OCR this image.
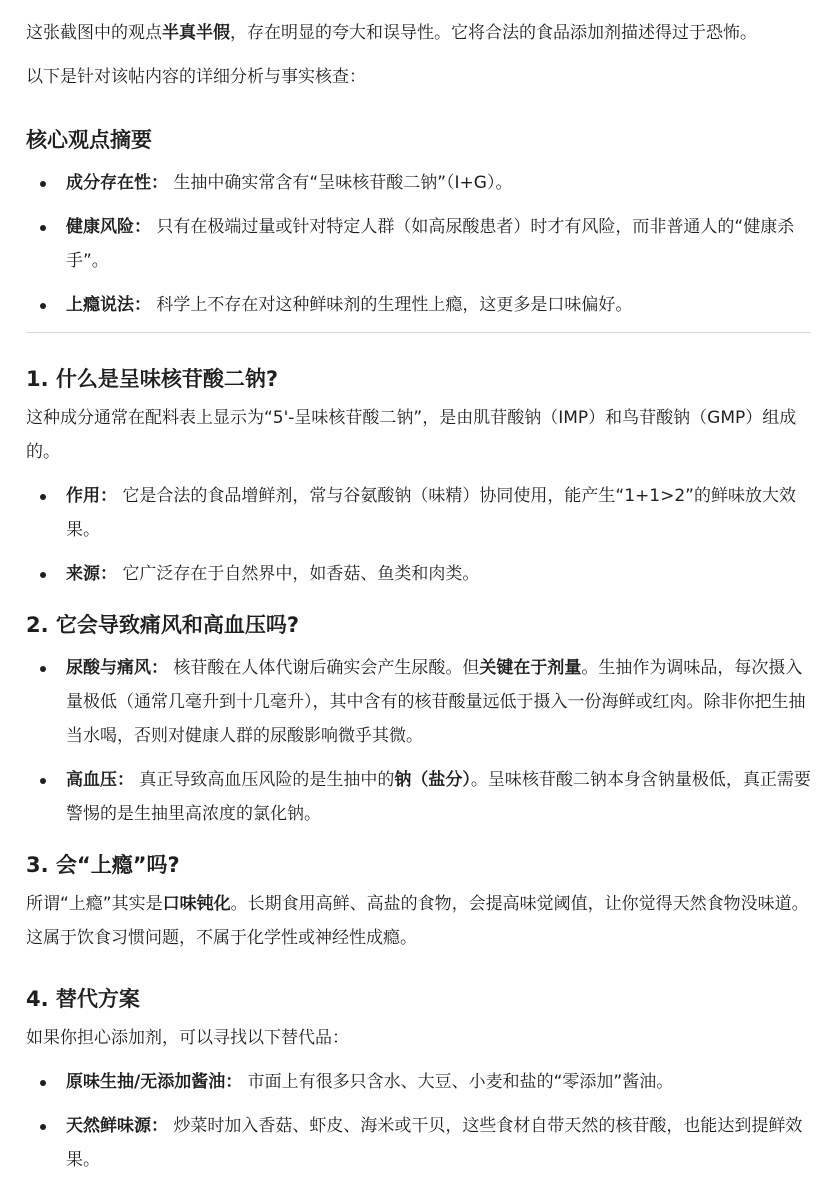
这张截图中的观点半真半假，存在明显的夸大和误导性。它将合法的食品添加剂描述得过于恐怖。

以下是针对该帖内容的详细分析与事实核查：

核心观点摘要
成分存在性： 生抽中确实常含有“呈味核苷酸二钠”（I+G）。
健康风险： 只有在极端过量或针对特定人群（如高尿酸患者）时才有风险，而非普通人的“健康杀手”。
上瘾说法： 科学上不存在对这种鲜味剂的生理性上瘾，这更多是口味偏好。
1. 什么是呈味核苷酸二钠?

这种成分通常在配料表上显示为“5'-呈味核苷酸二钠”，是由肌苷酸钠（IMP）和鸟苷酸钠（GMP）组成的。

作用： 它是合法的食品增鲜剂，常与谷氨酸钠（味精）协同使用，能产生“1+1>2”的鲜味放大效果。
来源： 它广泛存在于自然界中，如香菇、鱼类和肉类。
2. 它会导致痛风和高血压吗?
尿酸与痛风： 核苷酸在人体代谢后确实会产生尿酸。但关键在于剂量。生抽作为调味品，每次摄入量极低（通常几毫升到十几毫升），其中含有的核苷酸量远低于摄入一份海鲜或红肉。除非你把生抽当水喝，否则对健康人群的尿酸影响微乎其微。
高血压： 真正导致高血压风险的是生抽中的钠（盐分）。呈味核苷酸二钠本身含钠量极低，真正需要警惕的是生抽里高浓度的氯化钠。
3. 会“上瘾”吗?

所谓“上瘾”其实是口味钝化。长期食用高鲜、高盐的食物，会提高味觉阈值，让你觉得天然食物没味道。这属于饮食习惯问题，不属于化学性或神经性成瘾。

4. 替代方案

如果你担心添加剂，可以寻找以下替代品：

原味生抽/无添加酱油： 市面上有很多只含水、大豆、小麦和盐的“零添加”酱油。
天然鲜味源： 炒菜时加入香菇、虾皮、海米或干贝，这些食材自带天然的核苷酸，也能达到提鲜效果。
